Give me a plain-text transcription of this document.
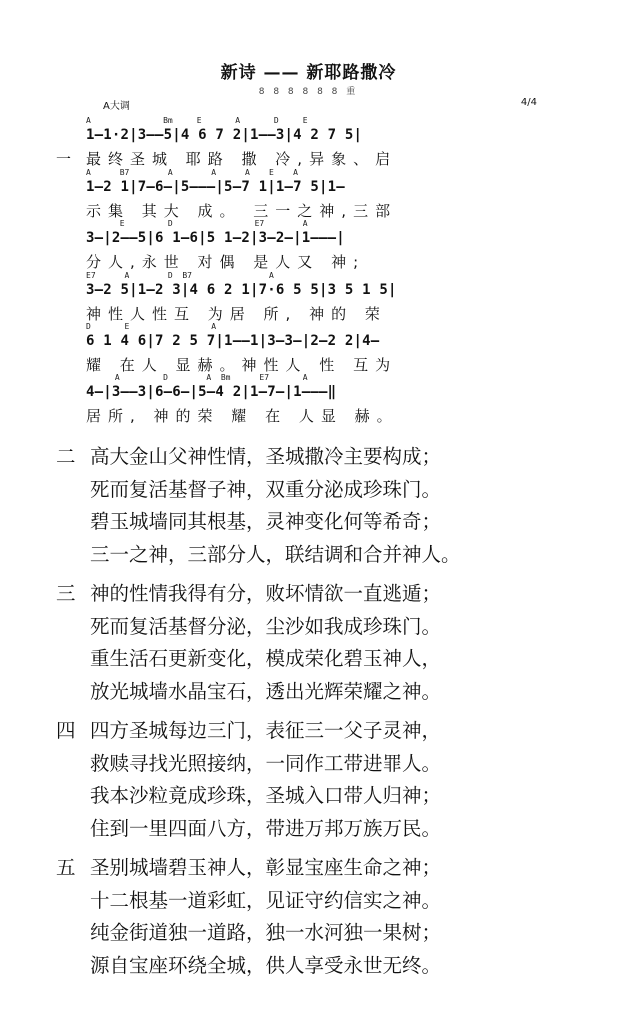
新诗 —— 新耶路撒冷
8 8 8 8 8 8 重
A大调	4/4
A               Bm     E       A       D     E
1—1·2|3——5|4 6 7 2|1——3|4 2 7 5|
一 最终圣城 耶路 撒 冷,异象、启
A      B7        A        A      A    E    A
1—2 1|7—6—|5———|5—7 1|1—7 5|1—
示集 其大 成。 三一之神,三部
E         D                 E7        A
3—|2——5|6 1—6|5 1—2|3—2—|1———|
分人,永世 对偶 是人又 神;
E7      A        D  B7                A
3—2 5|1—2 3|4 6 2 1|7·6 5 5|3 5 1 5|
神性人性互 为居 所, 神的 荣
D       E                 A
6 1 4 6|7 2 5 7|1——1|3—3—|2—2 2|4—
耀 在人 显赫。神性人 性 互为
A         D        A  Bm      E7       A
4—|3——3|6—6—|5—4 2|1—7—|1———‖
居所, 神的荣 耀 在 人显 赫。
二 高大金山父神性情，圣城撒冷主要构成；
死而复活基督子神，双重分泌成珍珠门。
碧玉城墙同其根基，灵神变化何等希奇；
三一之神，三部分人，联结调和合并神人。
三 神的性情我得有分，败坏情欲一直逃遁；
死而复活基督分泌，尘沙如我成珍珠门。
重生活石更新变化，模成荣化碧玉神人，
放光城墙水晶宝石，透出光辉荣耀之神。
四 四方圣城每边三门，表征三一父子灵神，
救赎寻找光照接纳，一同作工带进罪人。
我本沙粒竟成珍珠，圣城入口带人归神；
住到一里四面八方，带进万邦万族万民。
五 圣别城墙碧玉神人，彰显宝座生命之神；
十二根基一道彩虹，见证守约信实之神。
纯金街道独一道路，独一水河独一果树；
源自宝座环绕全城，供人享受永世无终。
